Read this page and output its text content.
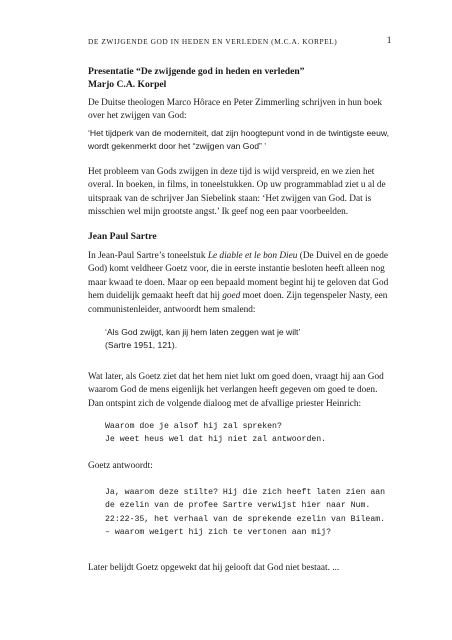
DE ZWIJGENDE GOD IN HEDEN EN VERLEDEN (M.C.A. KORPEL)	1

Presentatie “De zwijgende god in heden en verleden”

Marjo C.A. Korpel

De Duitse theologen Marco Hôrace en Peter Zimmerling schrijven in hun boek over het zwijgen van God:

‘Het tijdperk van de moderniteit, dat zijn hoogtepunt vond in de twintigste eeuw, wordt gekenmerkt door het “zwijgen van God” ’

Het probleem van Gods zwijgen in deze tijd is wijd verspreid, en we zien het overal. In boeken, in films, in toneelstukken. Op uw programmablad ziet u al de uitspraak van de schrijver Jan Siebelink staan: ‘Het zwijgen van God. Dat is misschien wel mijn grootste angst.’ Ik geef nog een paar voorbeelden.

Jean Paul Sartre

In Jean-Paul Sartre’s toneelstuk Le diable et le bon Dieu (De Duivel en de goede God) komt veldheer Goetz voor, die in eerste instantie besloten heeft alleen nog maar kwaad te doen. Maar op een bepaald moment begint hij te geloven dat God hem duidelijk gemaakt heeft dat hij goed moet doen. Zijn tegenspeler Nasty, een communistenleider, antwoordt hem smalend:

‘Als God zwijgt, kan jij hem laten zeggen wat je wilt’

(Sartre 1951, 121).

Wat later, als Goetz ziet dat het hem niet lukt om goed doen, vraagt hij aan God waarom God de mens eigenlijk het verlangen heeft gegeven om goed te doen. Dan ontspint zich de volgende dialoog met de afvallige priester Heinrich:

Waarom doe je alsof hij zal spreken?

Je weet heus wel dat hij niet zal antwoorden.

Goetz antwoordt:

Ja, waarom deze stilte? Hij die zich heeft laten zien aan de ezelin van de profee Sartre verwijst hier naar Num. 22:22-35, het verhaal van de sprekende ezelin van Bileam. – waarom weigert hij zich te vertonen aan mij?

Later belijdt Goetz opgewekt dat hij gelooft dat God niet bestaat. ...
